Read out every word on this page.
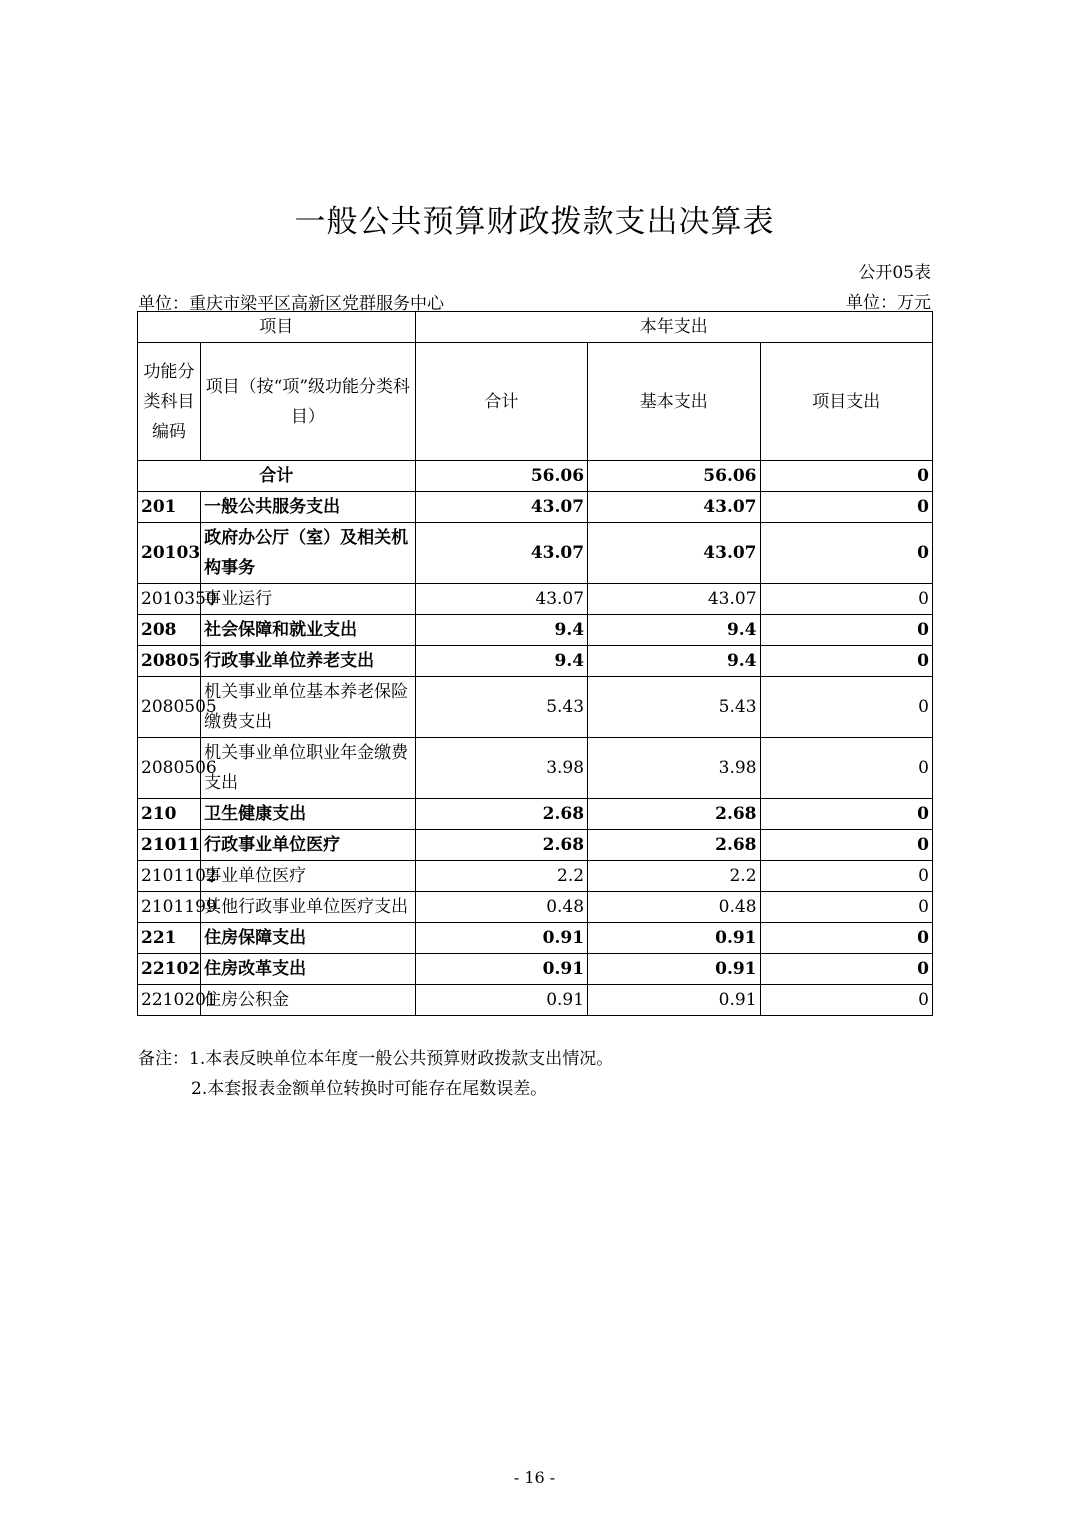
一般公共预算财政拨款支出决算表
公开05表
单位：重庆市梁平区高新区党群服务中心	单位：万元
项目		本年支出		
功能分类科目编码	项目（按“项”级功能分类科目）	合计	基本支出	项目支出
合计		56.06	56.06	0
201	一般公共服务支出	43.07	43.07	0
20103	政府办公厅（室）及相关机构事务	43.07	43.07	0
2010350	事业运行	43.07	43.07	0
208	社会保障和就业支出	9.4	9.4	0
20805	行政事业单位养老支出	9.4	9.4	0
2080505	机关事业单位基本养老保险缴费支出	5.43	5.43	0
2080506	机关事业单位职业年金缴费支出	3.98	3.98	0
210	卫生健康支出	2.68	2.68	0
21011	行政事业单位医疗	2.68	2.68	0
2101102	事业单位医疗	2.2	2.2	0
2101199	其他行政事业单位医疗支出	0.48	0.48	0
221	住房保障支出	0.91	0.91	0
22102	住房改革支出	0.91	0.91	0
2210201	住房公积金	0.91	0.91	0
备注：1.本表反映单位本年度一般公共预算财政拨款支出情况。
2.本套报表金额单位转换时可能存在尾数误差。
- 16 -
